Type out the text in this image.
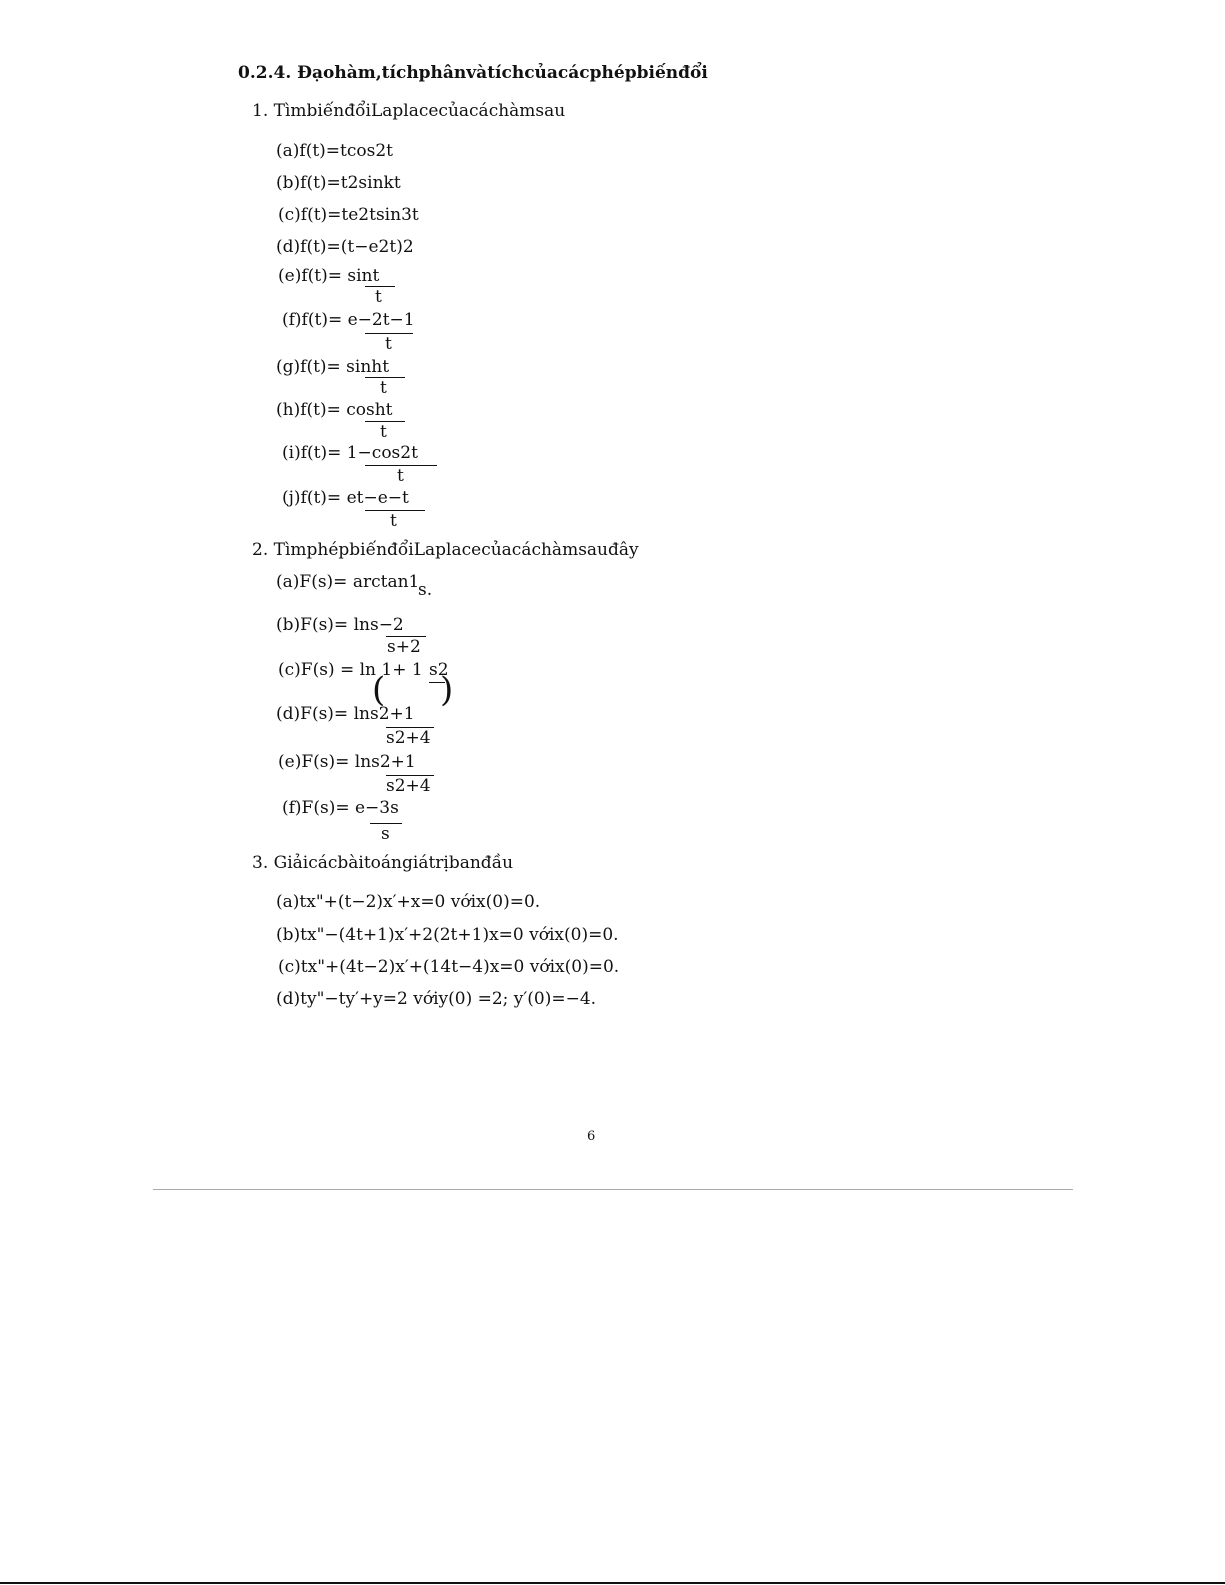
0.2.4. Đạohàm,tíchphânvàtíchcủacácphépbiếnđổi
1. TìmbiếnđổiLaplacecủacáchàmsau
(a)f(t)=tcos2t
(b)f(t)=t2sinkt
(c)f(t)=te2tsin3t
(d)f(t)=(t−e2t)2
(e)f(t)= sint
t
(f)f(t)= e−2t−1
t
(g)f(t)= sinht
t
(h)f(t)= cosht
t
(i)f(t)= 1−cos2t
t
(j)f(t)= et−e−t
t
2. TìmphépbiếnđổiLaplacecủacáchàmsauđây
(a)F(s)= arctan1
s.
(b)F(s)= lns−2
s+2
(c)F(s) = ln 1+ 1 s2
( )
(d)F(s)= lns2+1
s2+4
(e)F(s)= lns2+1
s2+4
(f)F(s)= e−3s
s
3. Giảicácbàitoángiátrịbanđầu
(a)tx"+(t−2)x′+x=0 vớix(0)=0.
(b)tx"−(4t+1)x′+2(2t+1)x=0 vớix(0)=0.
(c)tx"+(4t−2)x′+(14t−4)x=0 vớix(0)=0.
(d)ty"−ty′+y=2 vớiy(0) =2; y′(0)=−4.
6
